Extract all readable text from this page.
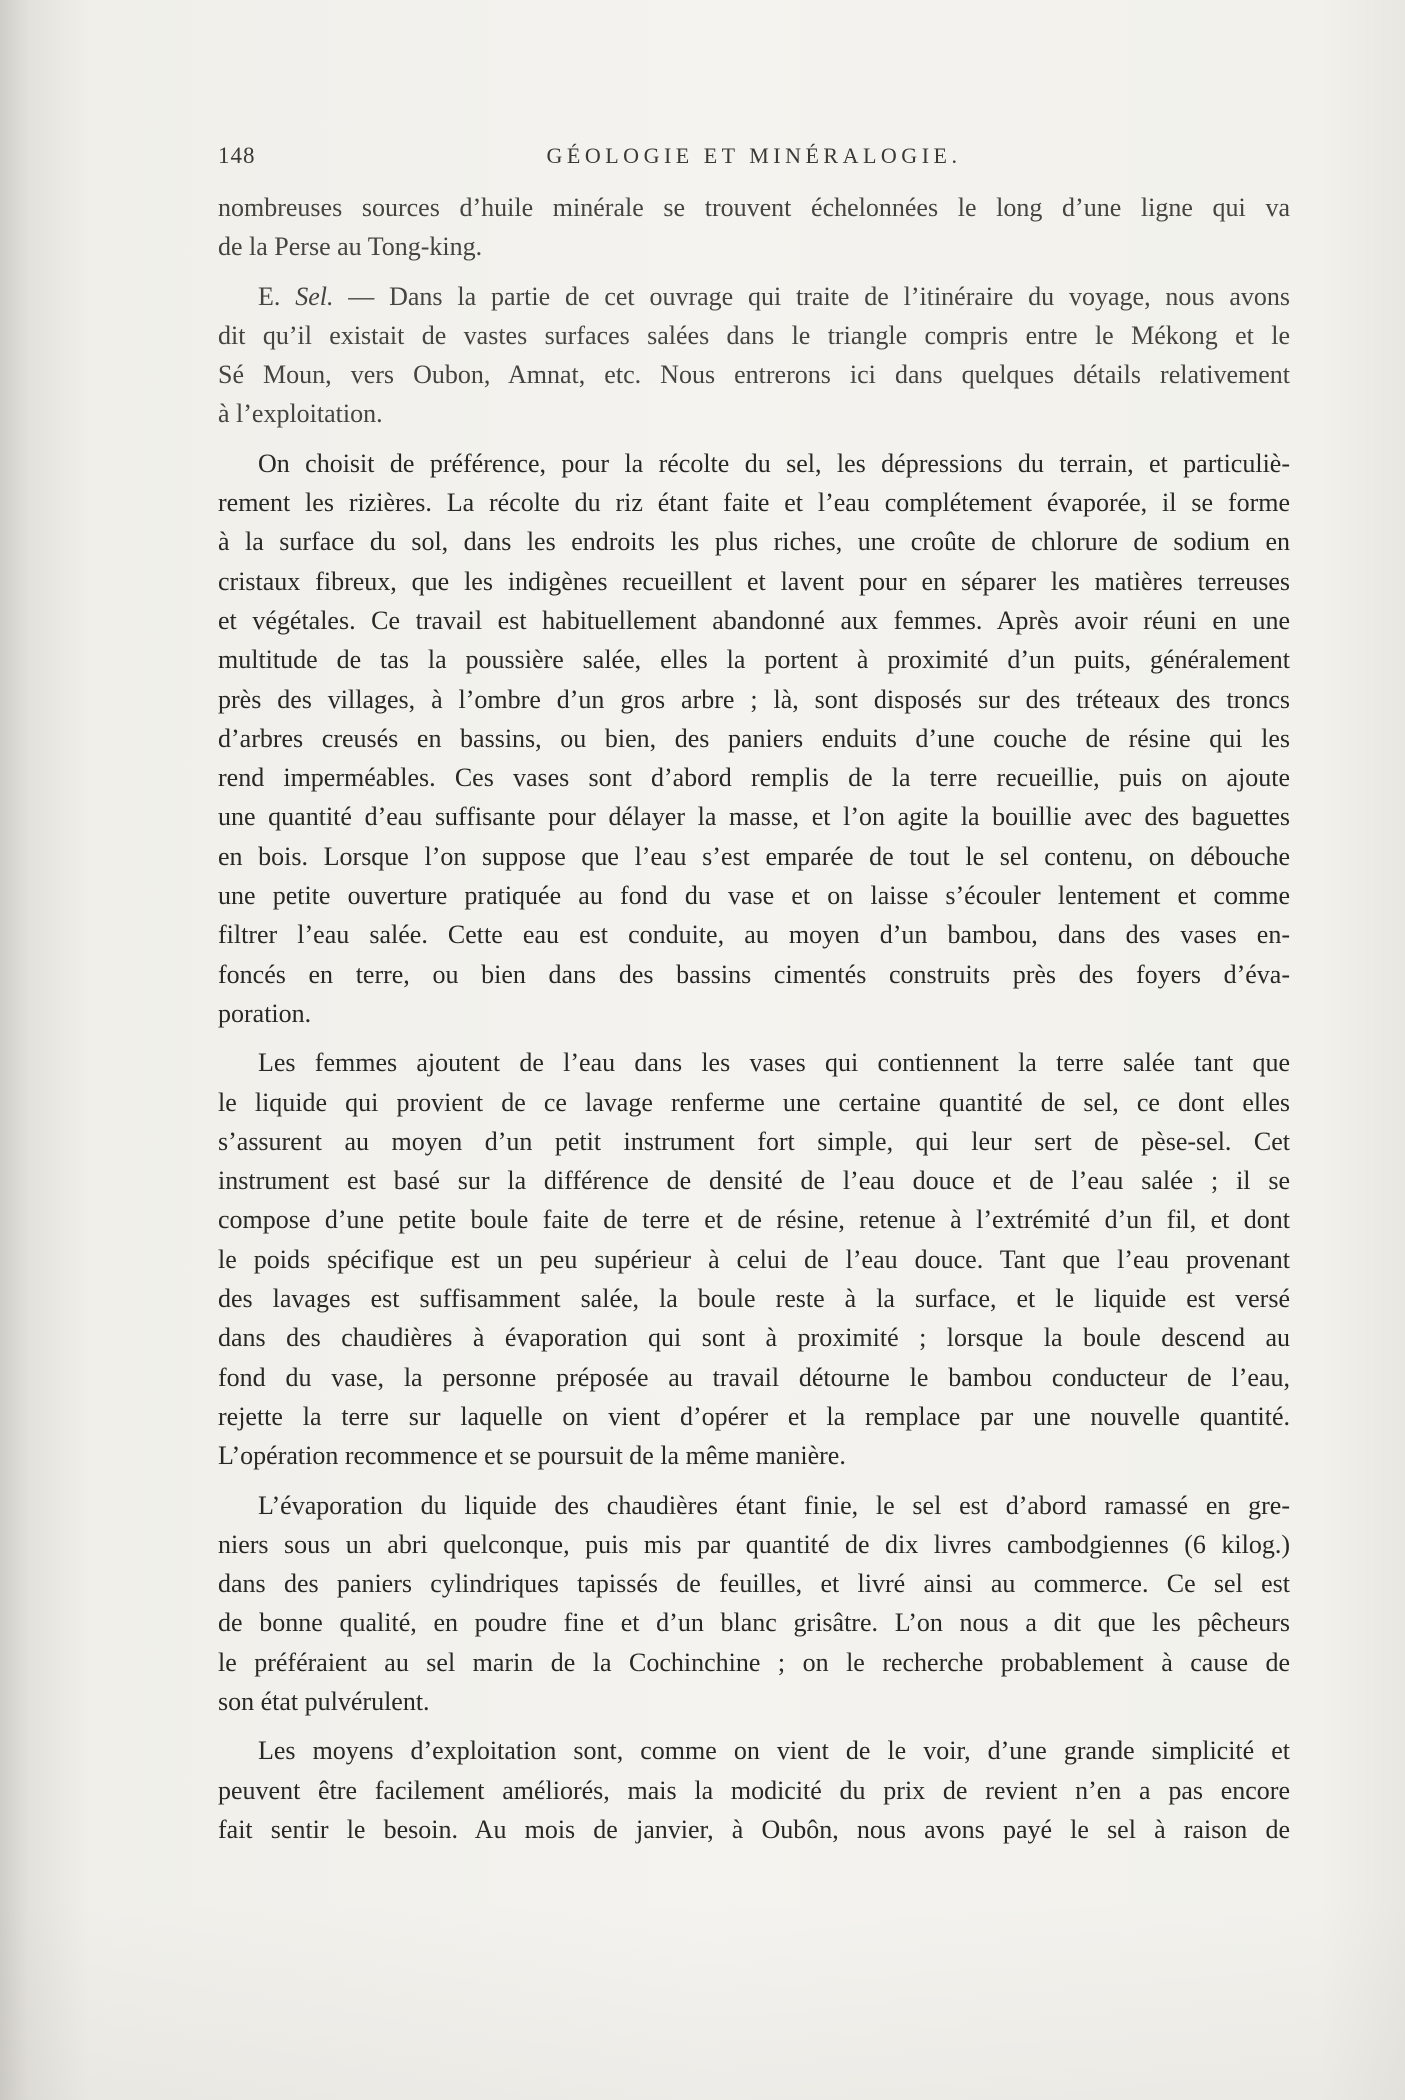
148	GÉOLOGIE ET MINÉRALOGIE.
nombreuses sources d’huile minérale se trouvent échelonnées le long d’une ligne qui va
de la Perse au Tong-king.
E. Sel. — Dans la partie de cet ouvrage qui traite de l’itinéraire du voyage, nous avons
dit qu’il existait de vastes surfaces salées dans le triangle compris entre le Mékong et le
Sé Moun, vers Oubon, Amnat, etc. Nous entrerons ici dans quelques détails relativement
à l’exploitation.
On choisit de préférence, pour la récolte du sel, les dépressions du terrain, et particuliè-
rement les rizières. La récolte du riz étant faite et l’eau complétement évaporée, il se forme
à la surface du sol, dans les endroits les plus riches, une croûte de chlorure de sodium en
cristaux fibreux, que les indigènes recueillent et lavent pour en séparer les matières terreuses
et végétales. Ce travail est habituellement abandonné aux femmes. Après avoir réuni en une
multitude de tas la poussière salée, elles la portent à proximité d’un puits, généralement
près des villages, à l’ombre d’un gros arbre ; là, sont disposés sur des tréteaux des troncs
d’arbres creusés en bassins, ou bien, des paniers enduits d’une couche de résine qui les
rend imperméables. Ces vases sont d’abord remplis de la terre recueillie, puis on ajoute
une quantité d’eau suffisante pour délayer la masse, et l’on agite la bouillie avec des baguettes
en bois. Lorsque l’on suppose que l’eau s’est emparée de tout le sel contenu, on débouche
une petite ouverture pratiquée au fond du vase et on laisse s’écouler lentement et comme
filtrer l’eau salée. Cette eau est conduite, au moyen d’un bambou, dans des vases en-
foncés en terre, ou bien dans des bassins cimentés construits près des foyers d’éva-
poration.
Les femmes ajoutent de l’eau dans les vases qui contiennent la terre salée tant que
le liquide qui provient de ce lavage renferme une certaine quantité de sel, ce dont elles
s’assurent au moyen d’un petit instrument fort simple, qui leur sert de pèse-sel. Cet
instrument est basé sur la différence de densité de l’eau douce et de l’eau salée ; il se
compose d’une petite boule faite de terre et de résine, retenue à l’extrémité d’un fil, et dont
le poids spécifique est un peu supérieur à celui de l’eau douce. Tant que l’eau provenant
des lavages est suffisamment salée, la boule reste à la surface, et le liquide est versé
dans des chaudières à évaporation qui sont à proximité ; lorsque la boule descend au
fond du vase, la personne préposée au travail détourne le bambou conducteur de l’eau,
rejette la terre sur laquelle on vient d’opérer et la remplace par une nouvelle quantité.
L’opération recommence et se poursuit de la même manière.
L’évaporation du liquide des chaudières étant finie, le sel est d’abord ramassé en gre-
niers sous un abri quelconque, puis mis par quantité de dix livres cambodgiennes (6 kilog.)
dans des paniers cylindriques tapissés de feuilles, et livré ainsi au commerce. Ce sel est
de bonne qualité, en poudre fine et d’un blanc grisâtre. L’on nous a dit que les pêcheurs
le préféraient au sel marin de la Cochinchine ; on le recherche probablement à cause de
son état pulvérulent.
Les moyens d’exploitation sont, comme on vient de le voir, d’une grande simplicité et
peuvent être facilement améliorés, mais la modicité du prix de revient n’en a pas encore
fait sentir le besoin. Au mois de janvier, à Oubôn, nous avons payé le sel à raison de
